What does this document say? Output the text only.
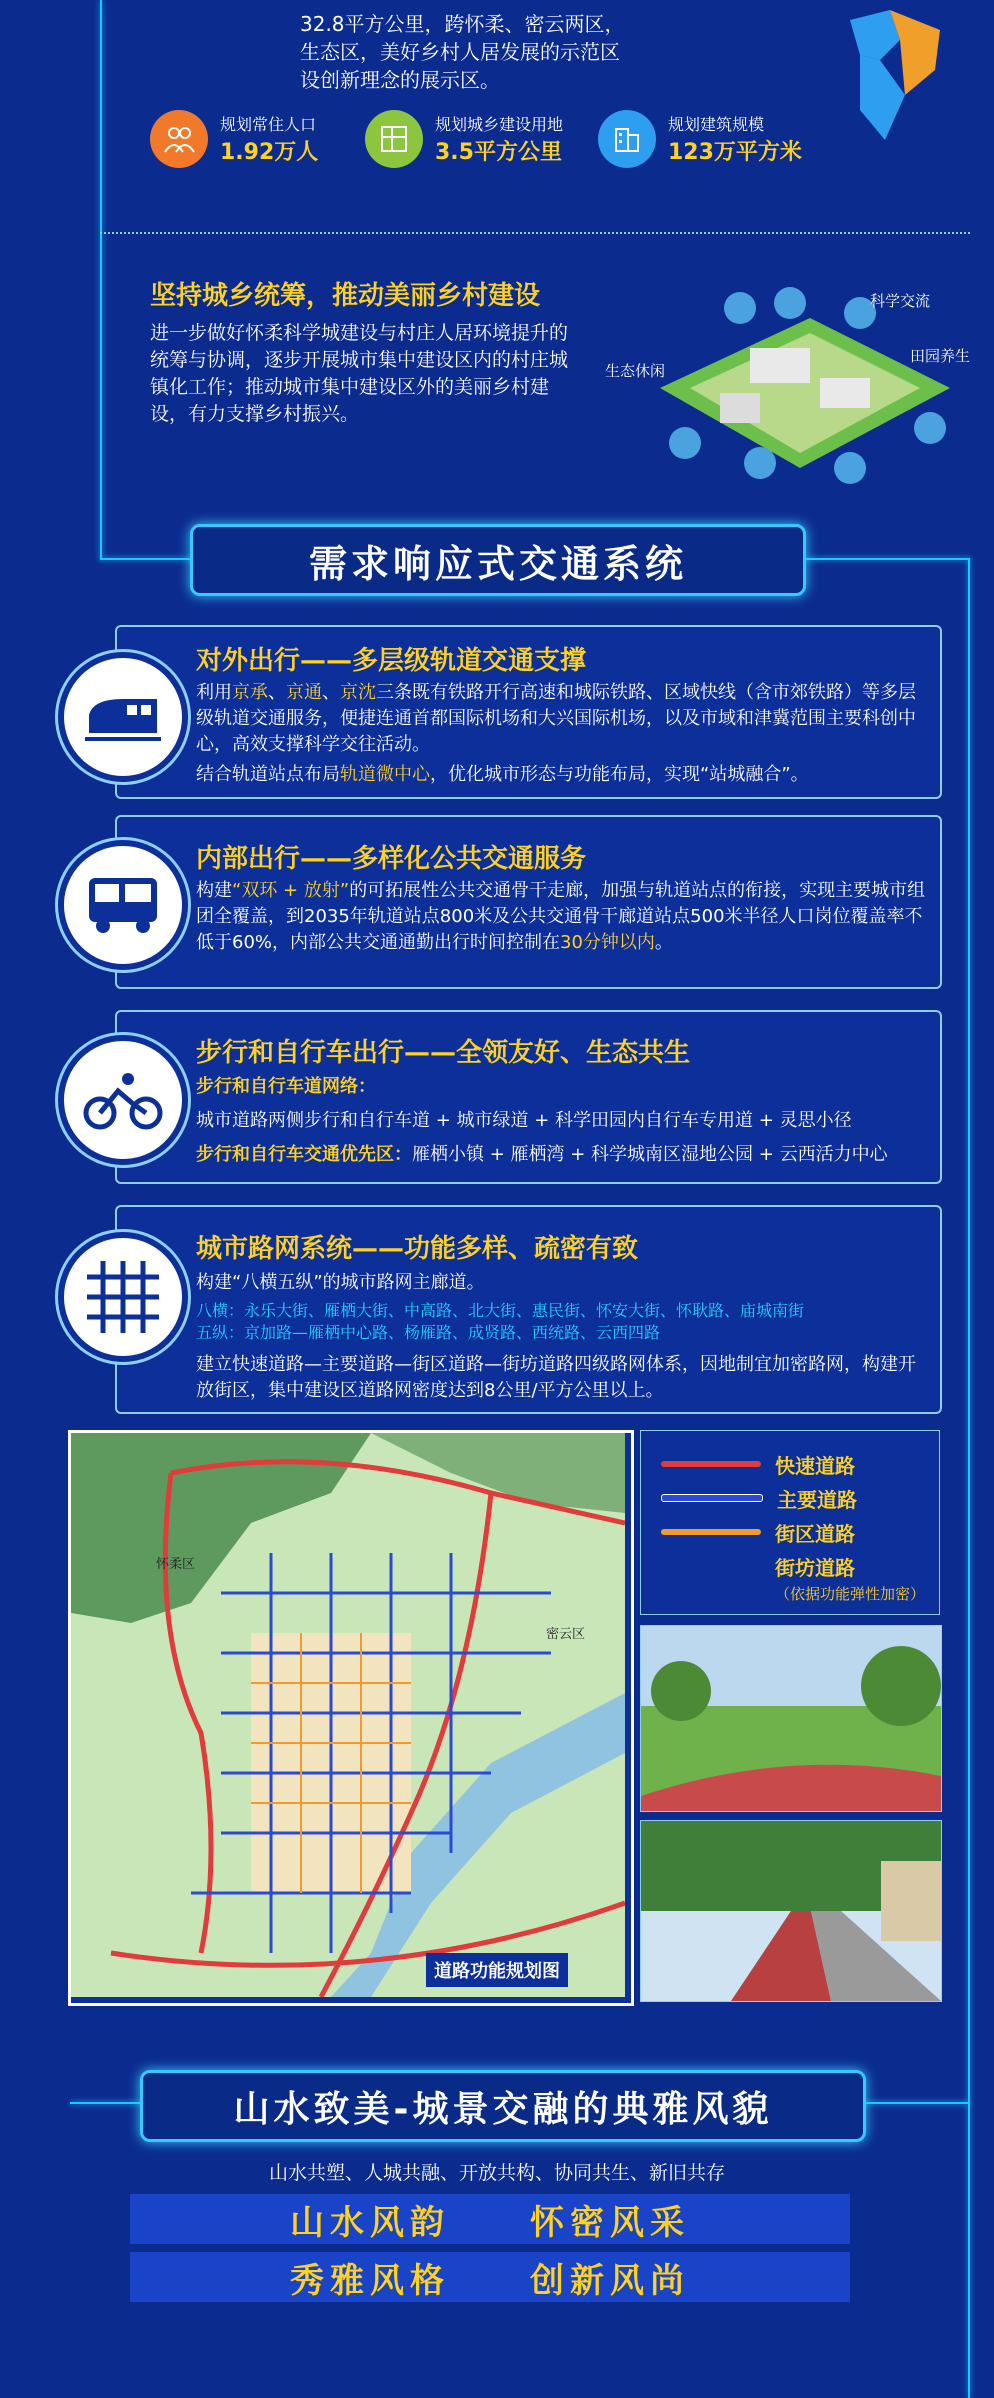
32.8平方公里，跨怀柔、密云两区，
生态区，美好乡村人居发展的示范区
设创新理念的展示区。
规划常住人口
1.92万人
规划城乡建设用地
3.5平方公里
规划建筑规模
123万平方米
坚持城乡统筹，推动美丽乡村建设
进一步做好怀柔科学城建设与村庄人居环境提升的统筹与协调，逐步开展城市集中建设区内的村庄城镇化工作；推动城市集中建设区外的美丽乡村建设，有力支撑乡村振兴。
科学交流
生态休闲
田园养生
需求响应式交通系统
对外出行——多层级轨道交通支撑
利用京承、京通、京沈三条既有铁路开行高速和城际铁路、区域快线（含市郊铁路）等多层级轨道交通服务，便捷连通首都国际机场和大兴国际机场，以及市域和津冀范围主要科创中心，高效支撑科学交往活动。
结合轨道站点布局轨道微中心，优化城市形态与功能布局，实现“站城融合”。
内部出行——多样化公共交通服务
构建“双环 + 放射”的可拓展性公共交通骨干走廊，加强与轨道站点的衔接，实现主要城市组团全覆盖，到2035年轨道站点800米及公共交通骨干廊道站点500米半径人口岗位覆盖率不低于60%，内部公共交通通勤出行时间控制在30分钟以内。
步行和自行车出行——全领友好、生态共生
步行和自行车道网络：
城市道路两侧步行和自行车道 + 城市绿道 + 科学田园内自行车专用道 + 灵思小径
步行和自行车交通优先区：雁栖小镇 + 雁栖湾 + 科学城南区湿地公园 + 云西活力中心
城市路网系统——功能多样、疏密有致
构建“八横五纵”的城市路网主廊道。
八横：永乐大街、雁栖大街、中高路、北大街、惠民街、怀安大街、怀耿路、庙城南街
五纵：京加路—雁栖中心路、杨雁路、成贤路、西统路、云西四路
建立快速道路—主要道路—街区道路—街坊道路四级路网体系，因地制宜加密路网，构建开放街区，集中建设区道路网密度达到8公里/平方公里以上。
怀柔区
密云区
道路功能规划图
快速道路
主要道路
街区道路
街坊道路
（依据功能弹性加密）
山水致美-城景交融的典雅风貌
山水共塑、人城共融、开放共构、协同共生、新旧共存
山水风韵　　怀密风采
秀雅风格　　创新风尚
